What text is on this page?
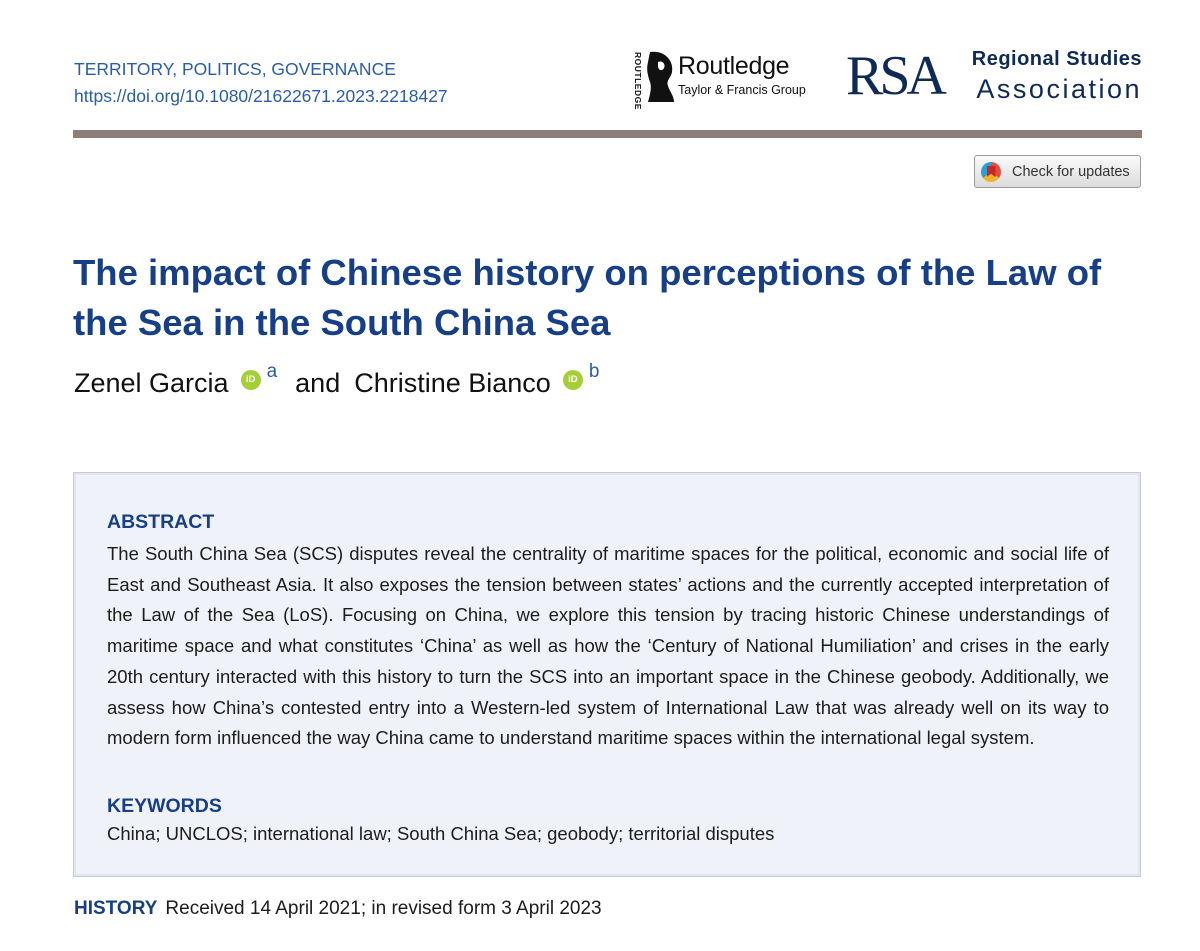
TERRITORY, POLITICS, GOVERNANCE
https://doi.org/10.1080/21622671.2023.2218427	ROUTLEDGE Routledge
Taylor & Francis Group RSA Regional Studies
Association
Check for updates
The impact of Chinese history on perceptions of the Law of the Sea in the South China Sea
Zenel Garcia	iD a and Christine Bianco	iD b
ABSTRACT

The South China Sea (SCS) disputes reveal the centrality of maritime spaces for the political, economic and social life of East and Southeast Asia. It also exposes the tension between states’ actions and the currently accepted interpretation of the Law of the Sea (LoS). Focusing on China, we explore this tension by tracing historic Chinese understandings of maritime space and what constitutes ‘China’ as well as how the ‘Century of National Humiliation’ and crises in the early 20th century interacted with this history to turn the SCS into an important space in the Chinese geobody. Additionally, we assess how China’s contested entry into a Western-led system of International Law that was already well on its way to modern form influenced the way China came to understand maritime spaces within the international legal system.

KEYWORDS
China; UNCLOS; international law; South China Sea; geobody; territorial disputes
HISTORY Received 14 April 2021; in revised form 3 April 2023
